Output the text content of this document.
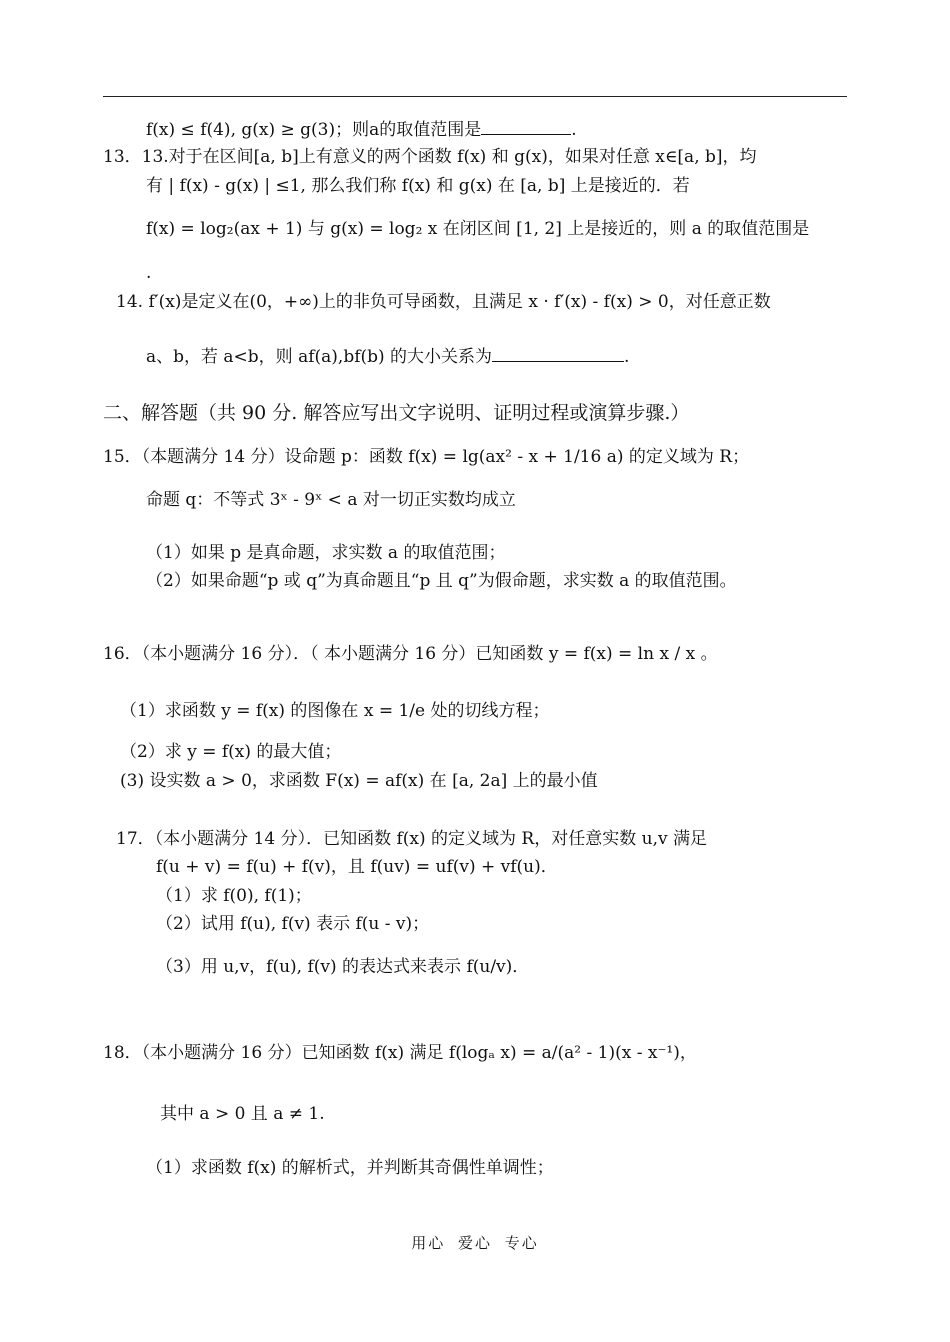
f(x) ≤ f(4), g(x) ≥ g(3)；则a的取值范围是	.
13．13.对于在区间[a, b]上有意义的两个函数 f(x) 和 g(x)，如果对任意 x∈[a, b]，均
有 | f(x) - g(x) | ≤1, 那么我们称 f(x) 和 g(x) 在 [a, b] 上是接近的．若
f(x) = log₂(ax + 1) 与 g(x) = log₂ x 在闭区间 [1, 2] 上是接近的，则 a 的取值范围是
.
14. f′(x)是定义在(0，+∞)上的非负可导函数，且满足 x · f′(x) - f(x) > 0，对任意正数
a、b，若 a<b，则 af(a),bf(b) 的大小关系为	.
二、解答题（共 90 分. 解答应写出文字说明、证明过程或演算步骤.）
15．（本题满分 14 分）设命题 p：函数 f(x) = lg(ax² - x + 1/16 a) 的定义域为 R；
命题 q：不等式 3ˣ - 9ˣ < a 对一切正实数均成立
（1）如果 p 是真命题，求实数 a 的取值范围；
（2）如果命题“p 或 q”为真命题且“p 且 q”为假命题，求实数 a 的取值范围。
16．（本小题满分 16 分）．（ 本小题满分 16 分）已知函数 y = f(x) = ln x / x 。
（1）求函数 y = f(x) 的图像在 x = 1/e 处的切线方程；
（2）求 y = f(x) 的最大值；
(3) 设实数 a > 0，求函数 F(x) = af(x) 在 [a, 2a] 上的最小值
17．（本小题满分 14 分）．已知函数 f(x) 的定义域为 R，对任意实数 u,v 满足
f(u + v) = f(u) + f(v)，且 f(uv) = uf(v) + vf(u)．
（1）求 f(0), f(1)；
（2）试用 f(u), f(v) 表示 f(u - v)；
（3）用 u,v，f(u), f(v) 的表达式来表示 f(u/v)．
18．（本小题满分 16 分）已知函数 f(x) 满足 f(logₐ x) = a/(a² - 1)(x - x⁻¹)，
其中 a > 0 且 a ≠ 1.
（1）求函数 f(x) 的解析式，并判断其奇偶性单调性；
用心 爱心 专心
